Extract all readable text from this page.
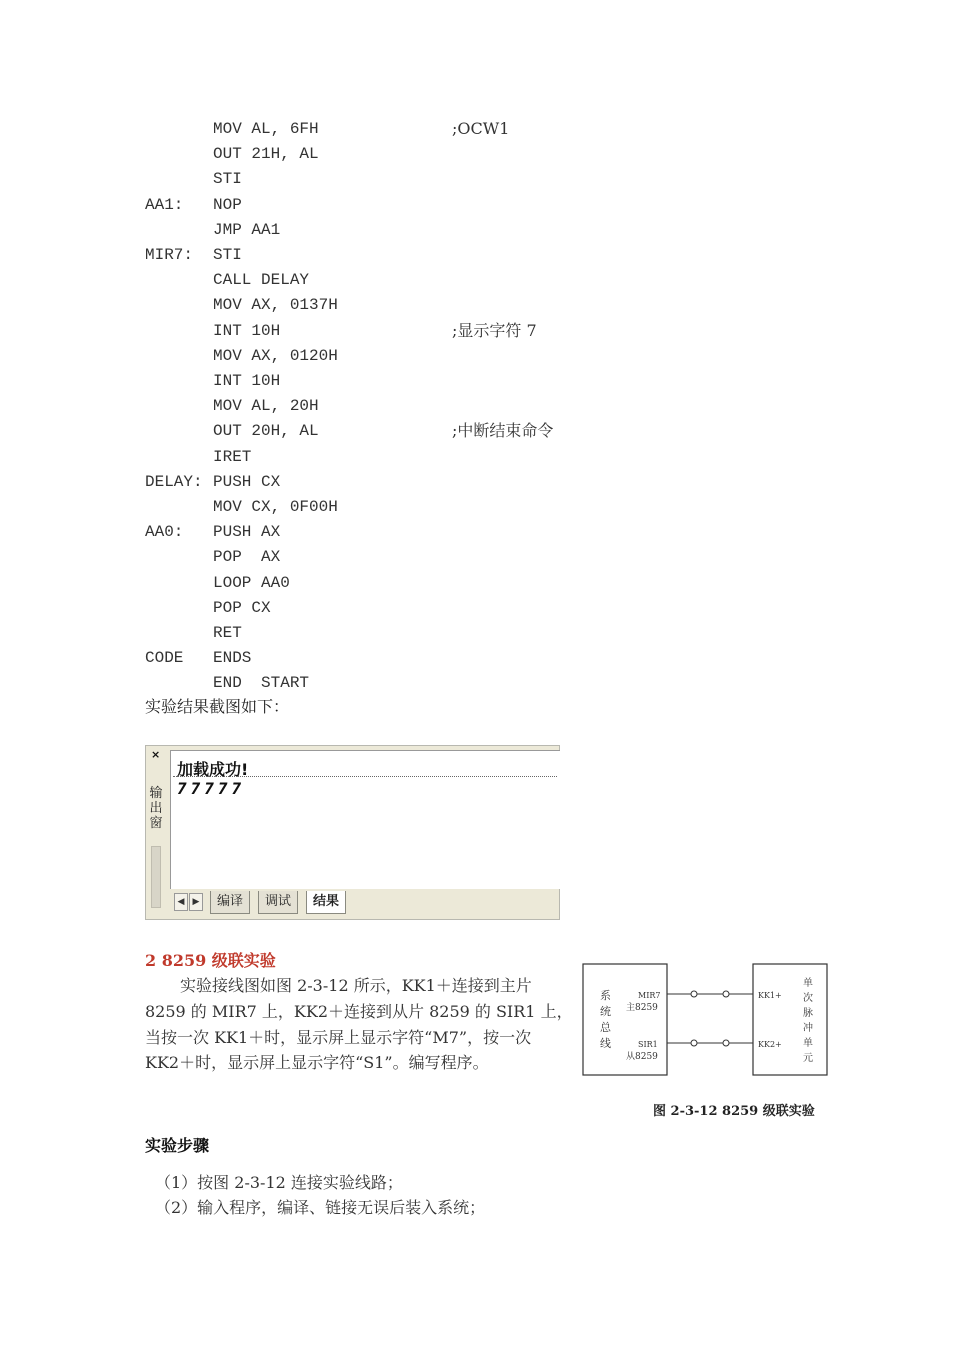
MOV AL, 6FH	;OCW1
OUT 21H, AL
STI
AA1: NOP
JMP AA1
MIR7: STI
CALL DELAY
MOV AX, 0137H
INT 10H	;显示字符 7
MOV AX, 0120H
INT 10H
MOV AL, 20H
OUT 20H, AL	;中断结束命令
IRET
DELAY: PUSH CX
MOV CX, 0F00H
AA0: PUSH AX
POP  AX
LOOP AA0
POP CX
RET
CODE ENDS
END  START
实验结果截图如下：
×
输出窗
加载成功!
77777
◀ ▶	编译	调试	结果
2 8259 级联实验
实验接线图如图 2-3-12 所示，KK1＋连接到主片
8259 的 MIR7 上，KK2＋连接到从片 8259 的 SIR1 上，
当按一次 KK1＋时，显示屏上显示字符“M7”，按一次
KK2＋时，显示屏上显示字符“S1”。编写程序。
系
统
总
线
MIR7
主8259
SIR1
从8259
KK1+
KK2+
单
次
脉
冲
单
元
图 2-3-12 8259 级联实验
实验步骤
（1）按图 2-3-12 连接实验线路；
（2）输入程序，编译、链接无误后装入系统；
